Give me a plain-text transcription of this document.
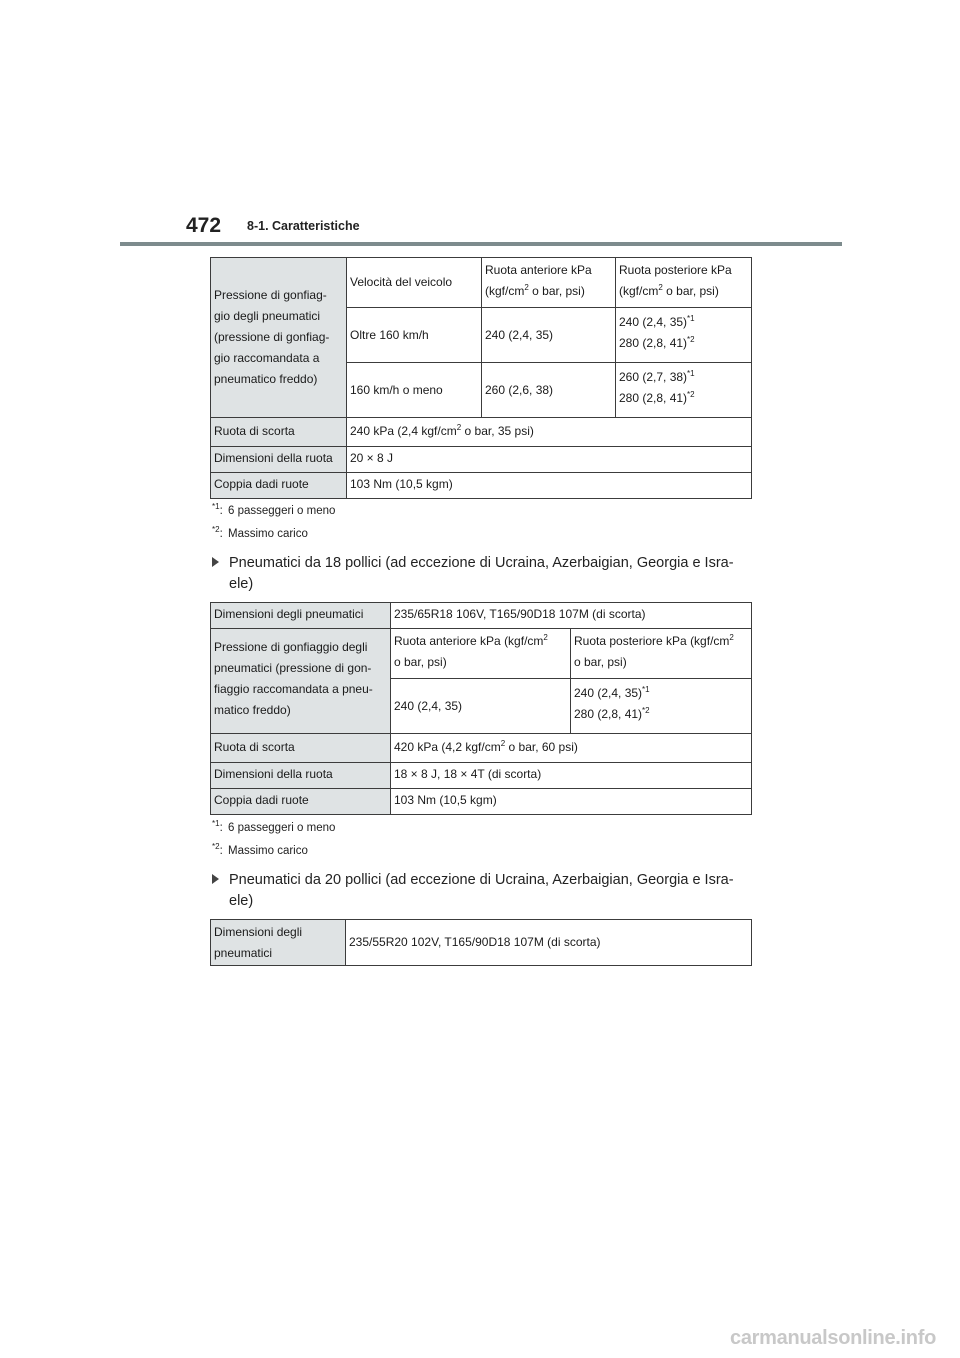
472 8-1. Caratteristiche
Pressione di gonfiag-gio degli pneumatici (pressione di gonfiag-gio raccomandata a pneumatico freddo)	Velocità del veicolo	Ruota anteriore kPa
($kgf/cm^2$ o bar, psi)	Ruota posteriore kPa
($kgf/cm^2$ o bar, psi)
	Oltre 160 km/h	240 (2,4, 35)	240 (2,4, 35)$^{*1}$
280 (2,8, 41)$^{*2}$
	160 km/h o meno	260 (2,6, 38)	260 (2,7, 38)$^{*1}$
280 (2,8, 41)$^{*2}$
Ruota di scorta	240 kPa (2,4 kgf/$cm^2$ o bar, 35 psi)		
Dimensioni della ruota	20 × 8 J		
Coppia dadi ruote	103 Nm (10,5 kgm)		
$^{*1}$: 6 passeggeri o meno
$^{*2}$: Massimo carico
Pneumatici da 18 pollici (ad eccezione di Ucraina, Azerbaigian, Georgia e Isra-ele)
Dimensioni degli pneumatici	235/65R18 106V, T165/90D18 107M (di scorta)	
Pressione di gonfiaggio degli pneumatici (pressione di gon-fiaggio raccomandata a pneu-matico freddo)	Ruota anteriore kPa ($kgf/cm^2$
o bar, psi)	Ruota posteriore kPa ($kgf/cm^2$
o bar, psi)
	240 (2,4, 35)	240 (2,4, 35)$^{*1}$
280 (2,8, 41)$^{*2}$
Ruota di scorta	420 kPa (4,2 kgf/$cm^2$ o bar, 60 psi)	
Dimensioni della ruota	18 × 8 J, 18 × 4T (di scorta)	
Coppia dadi ruote	103 Nm (10,5 kgm)	
$^{*1}$: 6 passeggeri o meno
$^{*2}$: Massimo carico
Pneumatici da 20 pollici (ad eccezione di Ucraina, Azerbaigian, Georgia e Isra-ele)
Dimensioni degli pneumatici	235/55R20 102V, T165/90D18 107M (di scorta)
carmanualsonline.info
